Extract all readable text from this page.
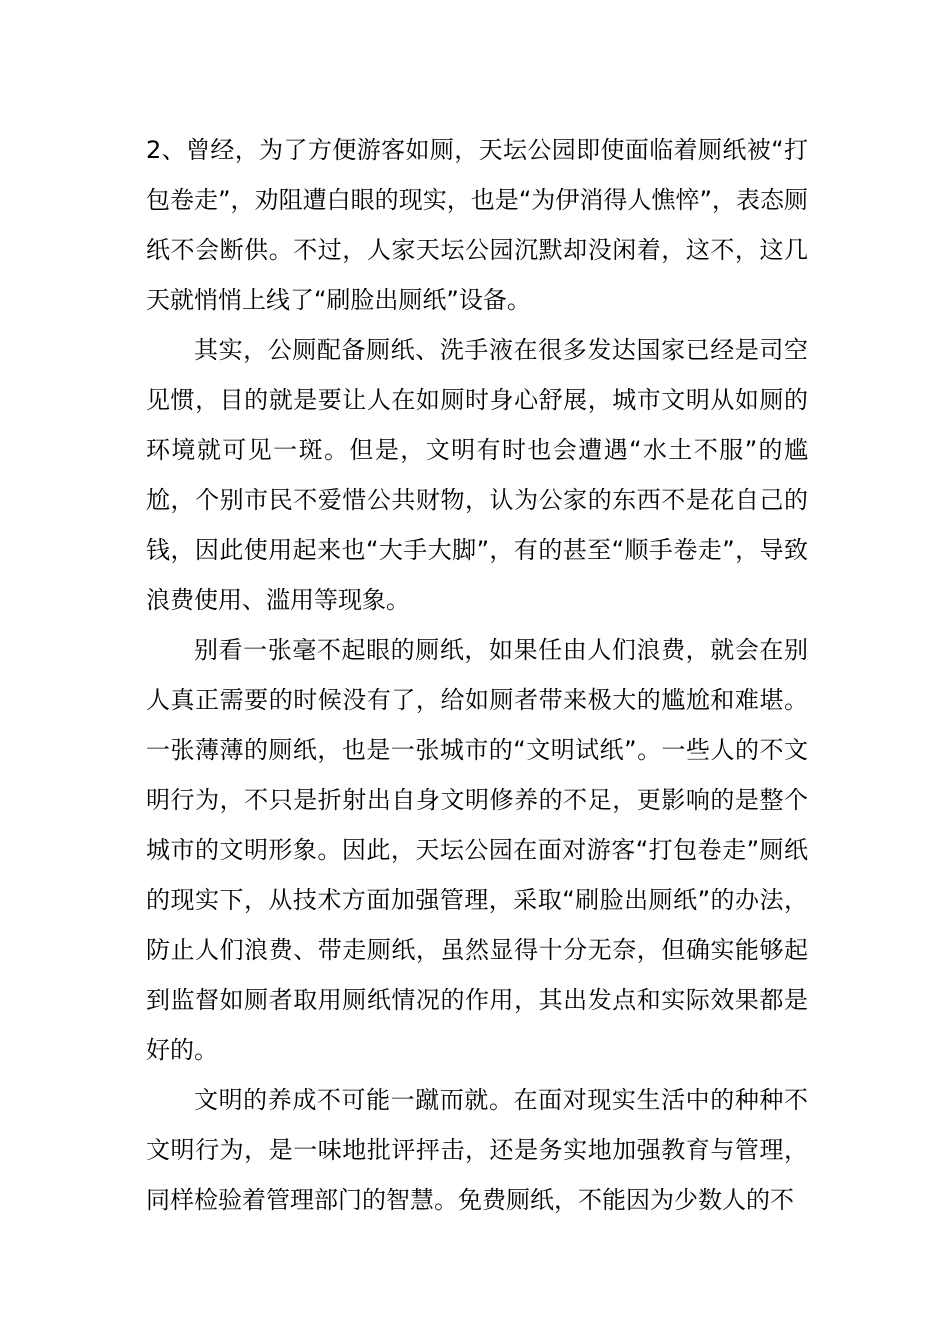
2、曾经，为了方便游客如厕，天坛公园即使面临着厕纸被“打包卷走”，劝阻遭白眼的现实，也是“为伊消得人憔悴”，表态厕纸不会断供。不过，人家天坛公园沉默却没闲着，这不，这几天就悄悄上线了“刷脸出厕纸”设备。

其实，公厕配备厕纸、洗手液在很多发达国家已经是司空见惯，目的就是要让人在如厕时身心舒展，城市文明从如厕的环境就可见一斑。但是，文明有时也会遭遇“水土不服”的尴尬，个别市民不爱惜公共财物，认为公家的东西不是花自己的钱，因此使用起来也“大手大脚”，有的甚至“顺手卷走”，导致浪费使用、滥用等现象。

别看一张毫不起眼的厕纸，如果任由人们浪费，就会在别人真正需要的时候没有了，给如厕者带来极大的尴尬和难堪。一张薄薄的厕纸，也是一张城市的“文明试纸”。一些人的不文明行为，不只是折射出自身文明修养的不足，更影响的是整个城市的文明形象。因此，天坛公园在面对游客“打包卷走”厕纸的现实下，从技术方面加强管理，采取“刷脸出厕纸”的办法，防止人们浪费、带走厕纸，虽然显得十分无奈，但确实能够起到监督如厕者取用厕纸情况的作用，其出发点和实际效果都是好的。

文明的养成不可能一蹴而就。在面对现实生活中的种种不文明行为，是一味地批评抨击，还是务实地加强教育与管理，同样检验着管理部门的智慧。免费厕纸，不能因为少数人的不
